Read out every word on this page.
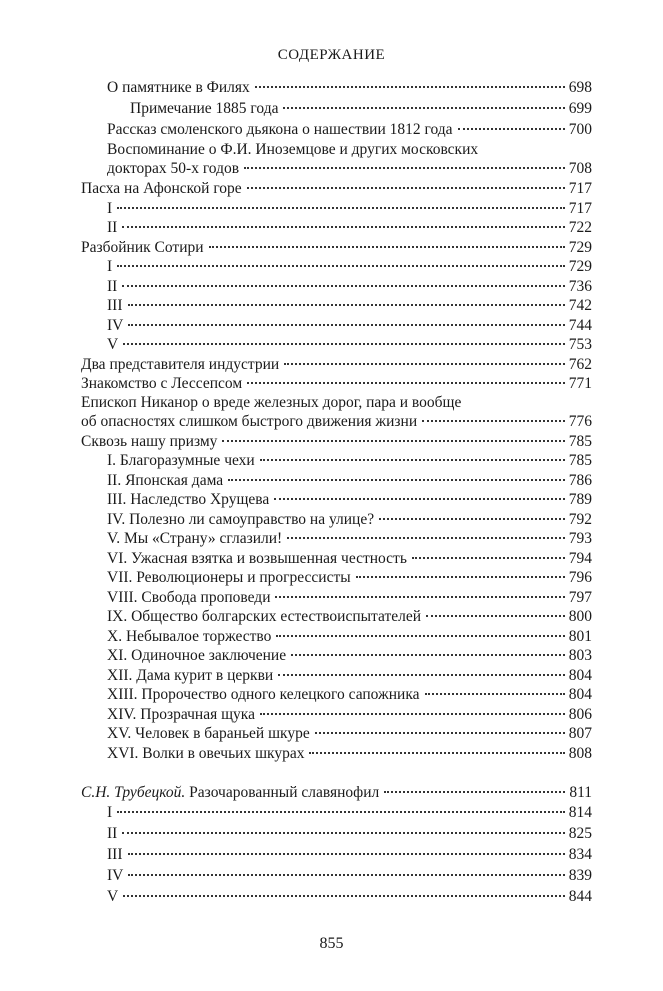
СОДЕРЖАНИЕ
О памятнике в Филях	698
Примечание 1885 года	699
Рассказ смоленского дьякона о нашествии 1812 года	700
Воспоминание о Ф.И. Иноземцове и других московских
докторах 50-х годов	708
Пасха на Афонской горе	717
I	717
II	722
Разбойник Сотири	729
I	729
II	736
III	742
IV	744
V	753
Два представителя индустрии	762
Знакомство с Лессепсом	771
Епископ Никанор о вреде железных дорог, пара и вообще
об опасностях слишком быстрого движения жизни	776
Сквозь нашу призму	785
I. Благоразумные чехи	785
II. Японская дама	786
III. Наследство Хрущева	789
IV. Полезно ли самоуправство на улице?	792
V. Мы «Страну» сглазили!	793
VI. Ужасная взятка и возвышенная честность	794
VII. Революционеры и прогрессисты	796
VIII. Свобода проповеди	797
IX. Общество болгарских естествоиспытателей	800
X. Небывалое торжество	801
XI. Одиночное заключение	803
XII. Дама курит в церкви	804
XIII. Пророчество одного келецкого сапожника	804
XIV. Прозрачная щука	806
XV. Человек в бараньей шкуре	807
XVI. Волки в овечьих шкурах	808
С.Н. Трубецкой. Разочарованный славянофил	811
I	814
II	825
III	834
IV	839
V	844
855
